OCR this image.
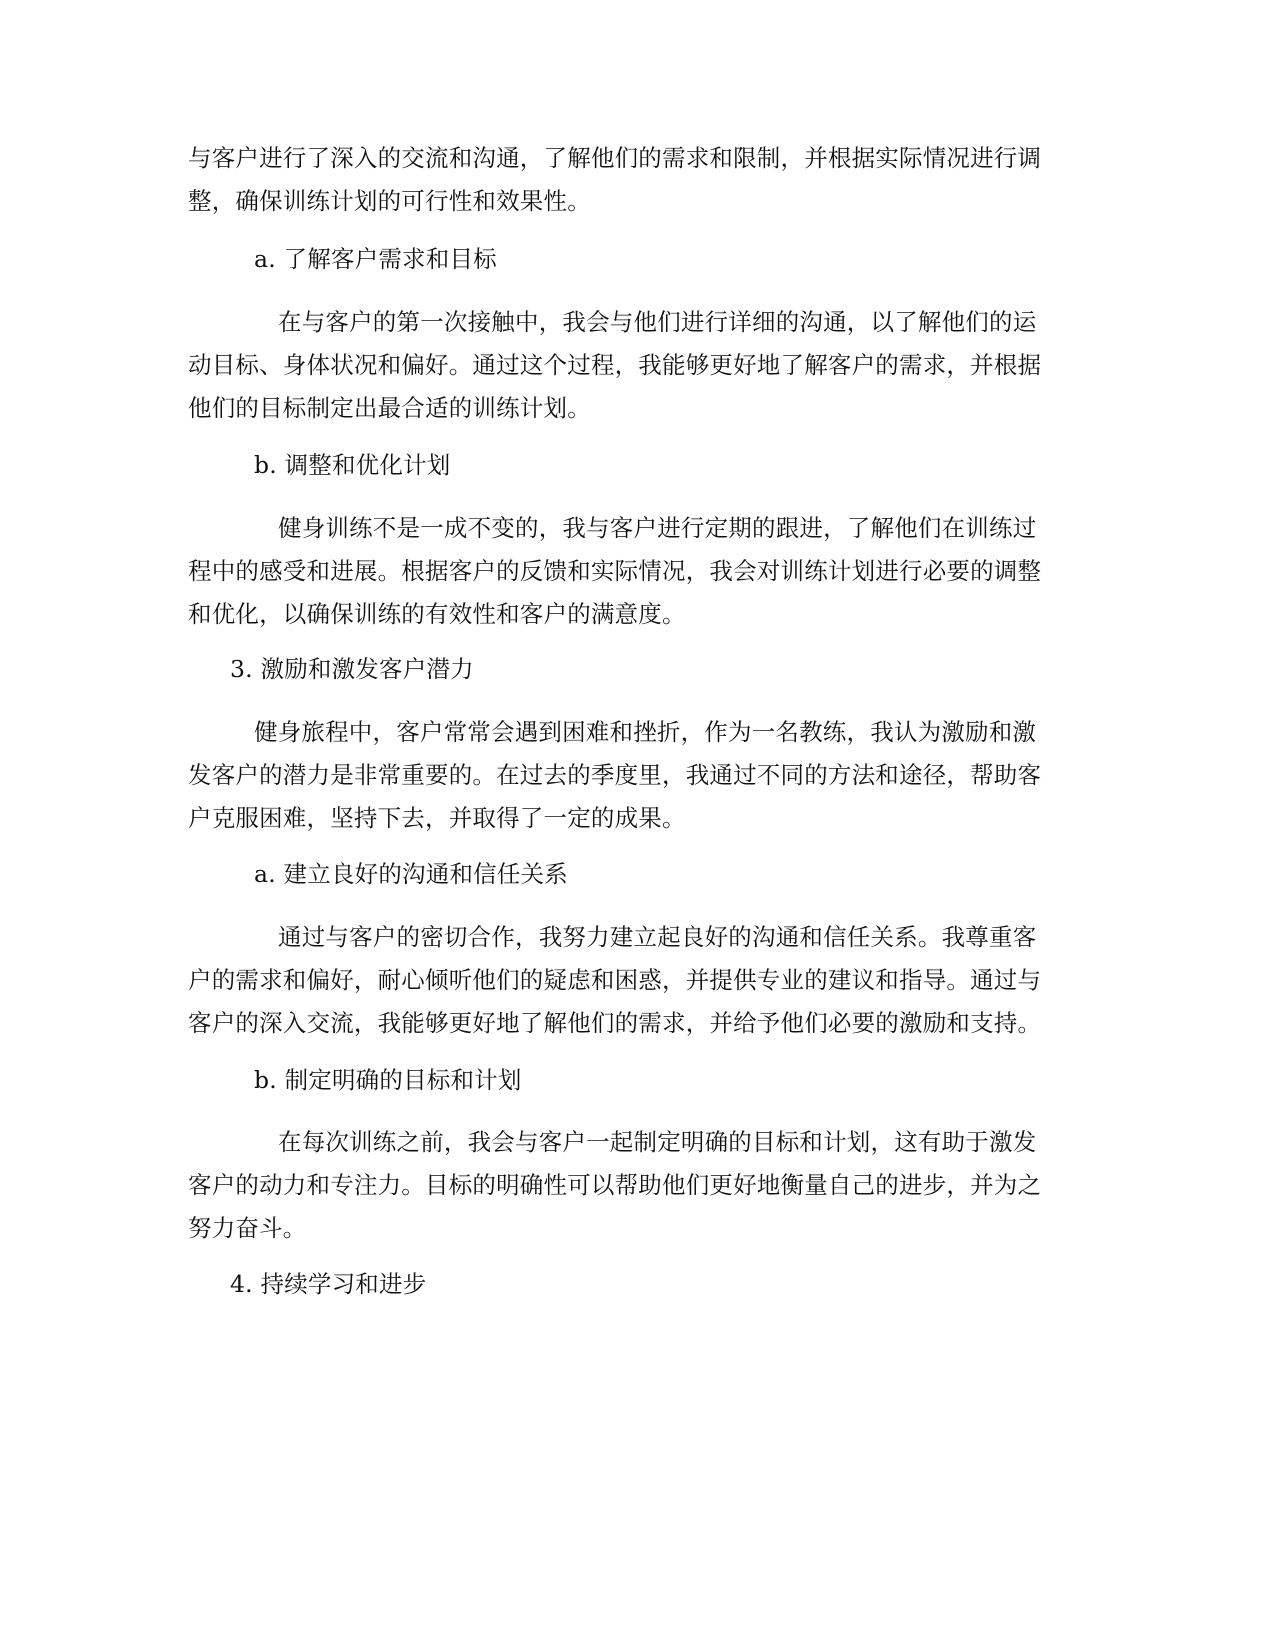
与客户进行了深入的交流和沟通，了解他们的需求和限制，并根据实际情况进行调
整，确保训练计划的可行性和效果性。
a. 了解客户需求和目标
在与客户的第一次接触中，我会与他们进行详细的沟通，以了解他们的运
动目标、身体状况和偏好。通过这个过程，我能够更好地了解客户的需求，并根据
他们的目标制定出最合适的训练计划。
b. 调整和优化计划
健身训练不是一成不变的，我与客户进行定期的跟进，了解他们在训练过
程中的感受和进展。根据客户的反馈和实际情况，我会对训练计划进行必要的调整
和优化，以确保训练的有效性和客户的满意度。
3. 激励和激发客户潜力
健身旅程中，客户常常会遇到困难和挫折，作为一名教练，我认为激励和激
发客户的潜力是非常重要的。在过去的季度里，我通过不同的方法和途径，帮助客
户克服困难，坚持下去，并取得了一定的成果。
a. 建立良好的沟通和信任关系
通过与客户的密切合作，我努力建立起良好的沟通和信任关系。我尊重客
户的需求和偏好，耐心倾听他们的疑虑和困惑，并提供专业的建议和指导。通过与
客户的深入交流，我能够更好地了解他们的需求，并给予他们必要的激励和支持。
b. 制定明确的目标和计划
在每次训练之前，我会与客户一起制定明确的目标和计划，这有助于激发
客户的动力和专注力。目标的明确性可以帮助他们更好地衡量自己的进步，并为之
努力奋斗。
4. 持续学习和进步
